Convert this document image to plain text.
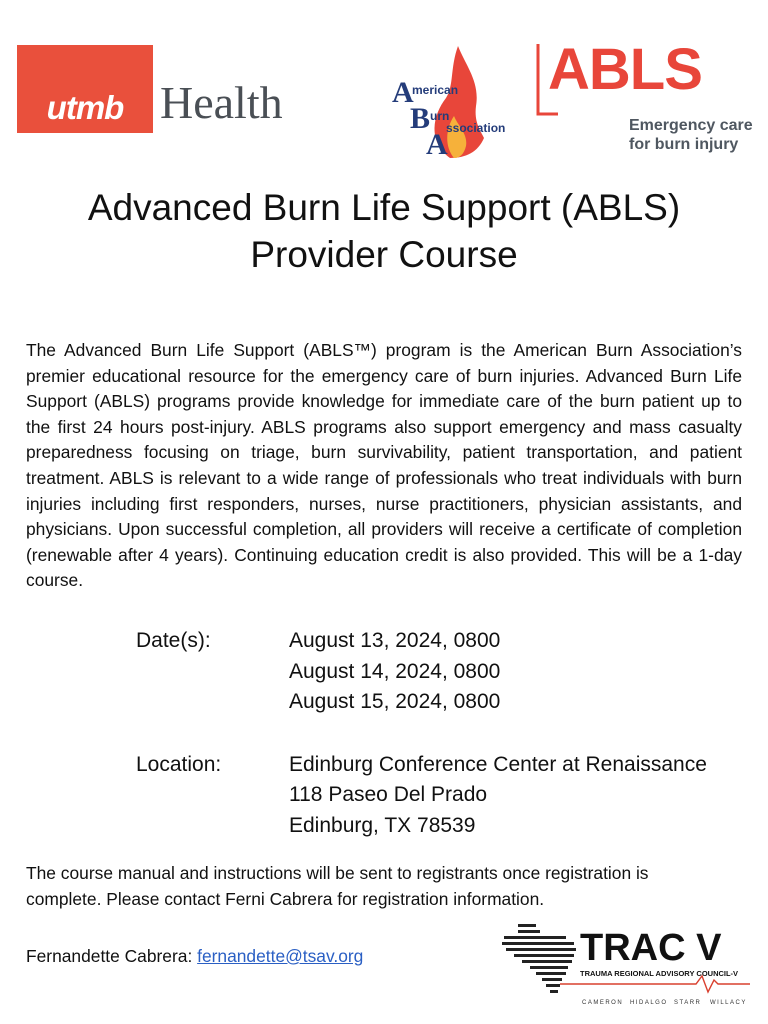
utmb Health	A
B
A
merican
urn
ssociation
ABLS
Emergency care
for burn injury
Advanced Burn Life Support (ABLS)
Provider Course

The Advanced Burn Life Support (ABLS™) program is the American Burn Association’s premier educational resource for the emergency care of burn injuries. Advanced Burn Life Support (ABLS) programs provide knowledge for immediate care of the burn patient up to the first 24 hours post-injury. ABLS programs also support emergency and mass casualty preparedness focusing on triage, burn survivability, patient transportation, and patient treatment. ABLS is relevant to a wide range of professionals who treat individuals with burn injuries including first responders, nurses, nurse practitioners, physician assistants, and physicians. Upon successful completion, all providers will receive a certificate of completion (renewable after 4 years). Continuing education credit is also provided. This will be a 1-day course.

Date(s):	August 13, 2024, 0800
August 14, 2024, 0800
August 15, 2024, 0800
Location:	Edinburg Conference Center at Renaissance
118 Paseo Del Prado
Edinburg, TX 78539

The course manual and instructions will be sent to registrants once registration is complete. Please contact Ferni Cabrera for registration information.

Fernandette Cabrera: fernandette@tsav.org	TRAC V
TRAUMA REGIONAL ADVISORY COUNCIL-V
CAMERON HIDALGO STARR WILLACY
